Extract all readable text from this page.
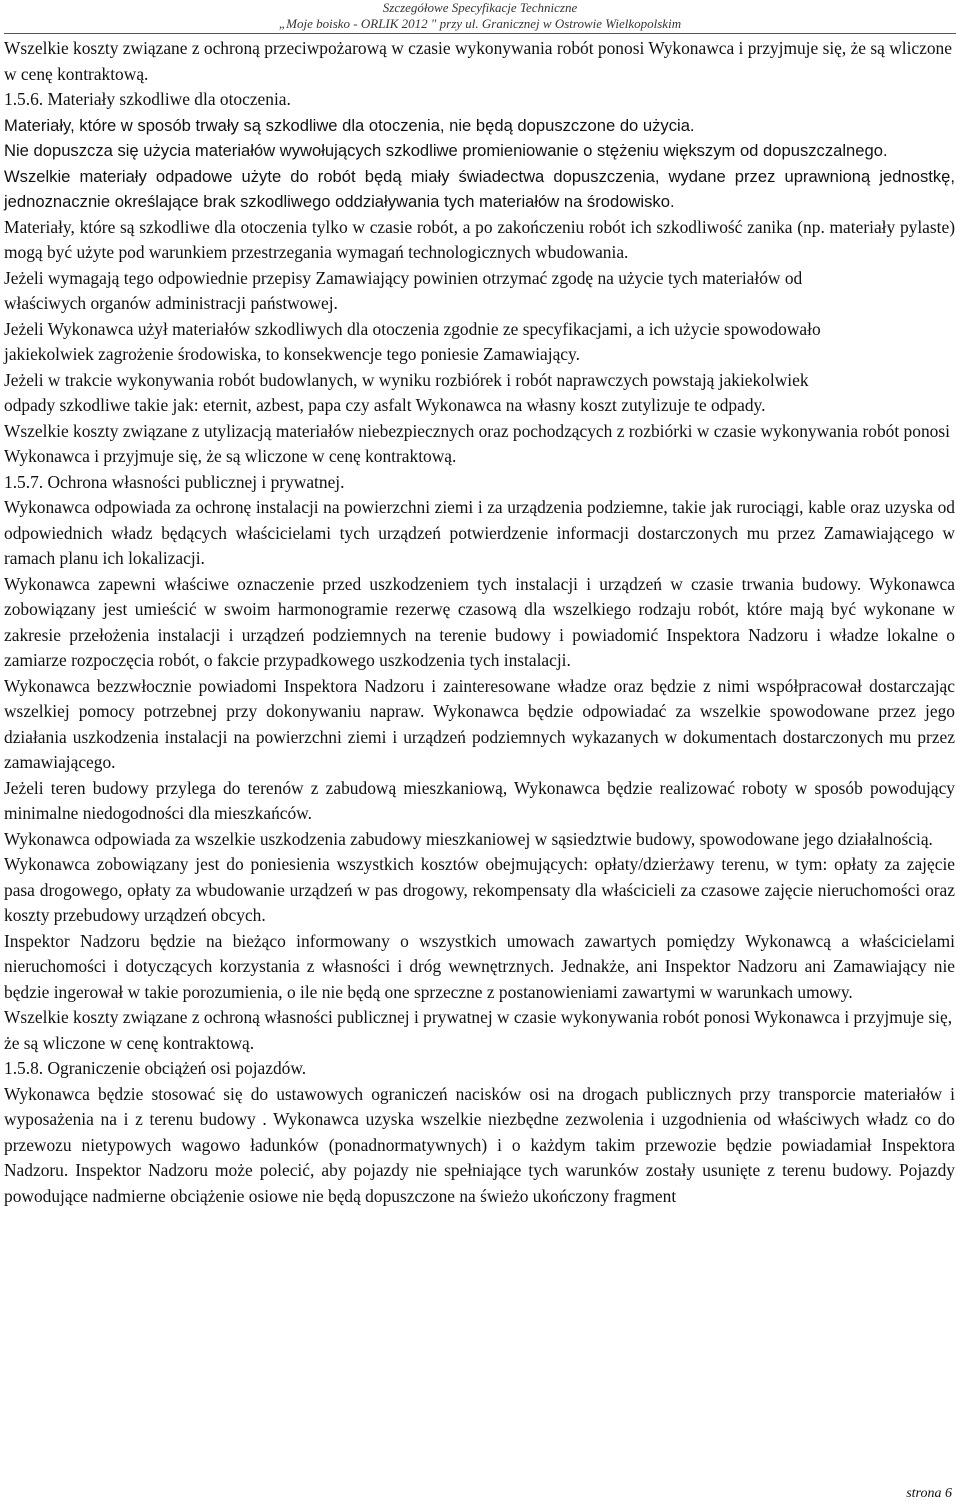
Szczegółowe Specyfikacje Techniczne
„Moje boisko - ORLIK 2012 " przy ul. Granicznej w Ostrowie Wielkopolskim

Wszelkie koszty związane z ochroną przeciwpożarową w czasie wykonywania robót ponosi Wykonawca i przyjmuje się, że są wliczone w cenę kontraktową.

1.5.6. Materiały szkodliwe dla otoczenia.

Materiały, które w sposób trwały są szkodliwe dla otoczenia, nie będą dopuszczone do użycia.

Nie dopuszcza się użycia materiałów wywołujących szkodliwe promieniowanie o stężeniu większym od dopuszczalnego.

Wszelkie materiały odpadowe użyte do robót będą miały świadectwa dopuszczenia, wydane przez uprawnioną jednostkę, jednoznacznie określające brak szkodliwego oddziaływania tych materiałów na środowisko.

Materiały, które są szkodliwe dla otoczenia tylko w czasie robót, a po zakończeniu robót ich szkodliwość zanika (np. materiały pylaste) mogą być użyte pod warunkiem przestrzegania wymagań technologicznych wbudowania.

Jeżeli wymagają tego odpowiednie przepisy Zamawiający powinien otrzymać zgodę na użycie tych materiałów od

właściwych organów administracji państwowej.

Jeżeli Wykonawca użył materiałów szkodliwych dla otoczenia zgodnie ze specyfikacjami, a ich użycie spowodowało

jakiekolwiek zagrożenie środowiska, to konsekwencje tego poniesie Zamawiający.

Jeżeli w trakcie wykonywania robót budowlanych, w wyniku rozbiórek i robót naprawczych powstają jakiekolwiek

odpady szkodliwe takie jak: eternit, azbest, papa czy asfalt Wykonawca na własny koszt zutylizuje te odpady.

Wszelkie koszty związane z utylizacją materiałów niebezpiecznych oraz pochodzących z rozbiórki w czasie wykonywania robót ponosi Wykonawca i przyjmuje się, że są wliczone w cenę kontraktową.

1.5.7. Ochrona własności publicznej i prywatnej.

Wykonawca odpowiada za ochronę instalacji na powierzchni ziemi i za urządzenia podziemne, takie jak rurociągi, kable oraz uzyska od odpowiednich władz będących właścicielami tych urządzeń potwierdzenie informacji dostarczonych mu przez Zamawiającego w ramach planu ich lokalizacji.

Wykonawca zapewni właściwe oznaczenie przed uszkodzeniem tych instalacji i urządzeń w czasie trwania budowy. Wykonawca zobowiązany jest umieścić w swoim harmonogramie rezerwę czasową dla wszelkiego rodzaju robót, które mają być wykonane w zakresie przełożenia instalacji i urządzeń podziemnych na terenie budowy i powiadomić Inspektora Nadzoru i władze lokalne o zamiarze rozpoczęcia robót, o fakcie przypadkowego uszkodzenia tych instalacji.

Wykonawca bezzwłocznie powiadomi Inspektora Nadzoru i zainteresowane władze oraz będzie z nimi współpracował dostarczając wszelkiej pomocy potrzebnej przy dokonywaniu napraw. Wykonawca będzie odpowiadać za wszelkie spowodowane przez jego działania uszkodzenia instalacji na powierzchni ziemi i urządzeń podziemnych wykazanych w dokumentach dostarczonych mu przez zamawiającego.

Jeżeli teren budowy przylega do terenów z zabudową mieszkaniową, Wykonawca będzie realizować roboty w sposób powodujący minimalne niedogodności dla mieszkańców.

Wykonawca odpowiada za wszelkie uszkodzenia zabudowy mieszkaniowej w sąsiedztwie budowy, spowodowane jego działalnością.

Wykonawca zobowiązany jest do poniesienia wszystkich kosztów obejmujących: opłaty/dzierżawy terenu, w tym: opłaty za zajęcie pasa drogowego, opłaty za wbudowanie urządzeń w pas drogowy, rekompensaty dla właścicieli za czasowe zajęcie nieruchomości oraz koszty przebudowy urządzeń obcych.

Inspektor Nadzoru będzie na bieżąco informowany o wszystkich umowach zawartych pomiędzy Wykonawcą a właścicielami nieruchomości i dotyczących korzystania z własności i dróg wewnętrznych. Jednakże, ani Inspektor Nadzoru ani Zamawiający nie będzie ingerował w takie porozumienia, o ile nie będą one sprzeczne z postanowieniami zawartymi w warunkach umowy.

Wszelkie koszty związane z ochroną własności publicznej i prywatnej w czasie wykonywania robót ponosi Wykonawca i przyjmuje się, że są wliczone w cenę kontraktową.

1.5.8. Ograniczenie obciążeń osi pojazdów.

Wykonawca będzie stosować się do ustawowych ograniczeń nacisków osi na drogach publicznych przy transporcie materiałów i wyposażenia na i z terenu budowy . Wykonawca uzyska wszelkie niezbędne zezwolenia i uzgodnienia od właściwych władz co do przewozu nietypowych wagowo ładunków (ponadnormatywnych) i o każdym takim przewozie będzie powiadamiał Inspektora Nadzoru. Inspektor Nadzoru może polecić, aby pojazdy nie spełniające tych warunków zostały usunięte z terenu budowy. Pojazdy powodujące nadmierne obciążenie osiowe nie będą dopuszczone na świeżo ukończony fragment

strona 6
